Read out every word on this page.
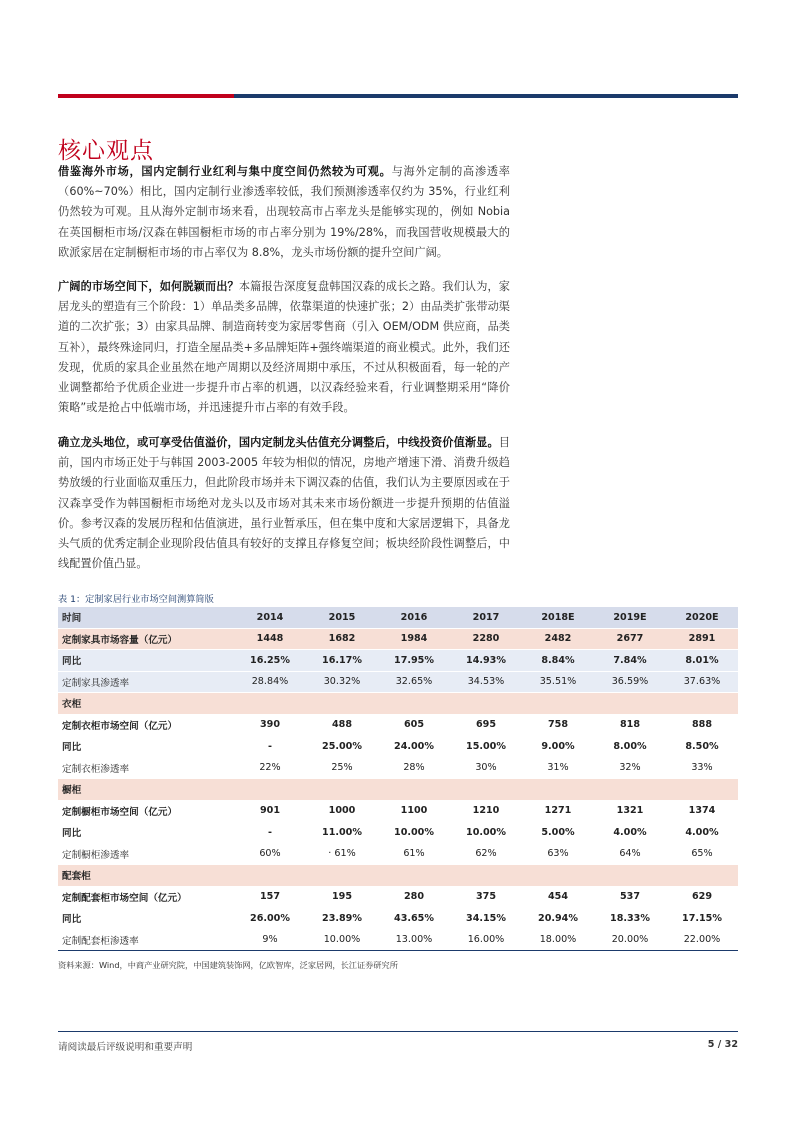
核心观点
借鉴海外市场，国内定制行业红利与集中度空间仍然较为可观。与海外定制的高渗透率（60%~70%）相比，国内定制行业渗透率较低，我们预测渗透率仅约为 35%，行业红利仍然较为可观。且从海外定制市场来看，出现较高市占率龙头是能够实现的，例如 Nobia 在英国橱柜市场/汉森在韩国橱柜市场的市占率分别为 19%/28%，而我国营收规模最大的欧派家居在定制橱柜市场的市占率仅为 8.8%，龙头市场份额的提升空间广阔。
广阔的市场空间下，如何脱颖而出？本篇报告深度复盘韩国汉森的成长之路。我们认为，家居龙头的塑造有三个阶段：1）单品类多品牌，依靠渠道的快速扩张；2）由品类扩张带动渠道的二次扩张；3）由家具品牌、制造商转变为家居零售商（引入 OEM/ODM 供应商，品类互补），最终殊途同归，打造全屋品类+多品牌矩阵+强终端渠道的商业模式。此外，我们还发现，优质的家具企业虽然在地产周期以及经济周期中承压，不过从积极面看，每一轮的产业调整都给予优质企业进一步提升市占率的机遇，以汉森经验来看，行业调整期采用“降价策略”或是抢占中低端市场，并迅速提升市占率的有效手段。
确立龙头地位，或可享受估值溢价，国内定制龙头估值充分调整后，中线投资价值渐显。目前，国内市场正处于与韩国 2003-2005 年较为相似的情况，房地产增速下滑、消费升级趋势放缓的行业面临双重压力，但此阶段市场并未下调汉森的估值，我们认为主要原因或在于汉森享受作为韩国橱柜市场绝对龙头以及市场对其未来市场份额进一步提升预期的估值溢价。参考汉森的发展历程和估值演进，虽行业暂承压，但在集中度和大家居逻辑下，具备龙头气质的优秀定制企业现阶段估值具有较好的支撑且存修复空间；板块经阶段性调整后，中线配置价值凸显。
表 1：定制家居行业市场空间测算简版
时间	2014	2015	2016	2017	2018E	2019E	2020E
定制家具市场容量（亿元）	1448	1682	1984	2280	2482	2677	2891
同比	16.25%	16.17%	17.95%	14.93%	8.84%	7.84%	8.01%
定制家具渗透率	28.84%	30.32%	32.65%	34.53%	35.51%	36.59%	37.63%
衣柜							
定制衣柜市场空间（亿元）	390	488	605	695	758	818	888
同比	-	25.00%	24.00%	15.00%	9.00%	8.00%	8.50%
定制衣柜渗透率	22%	25%	28%	30%	31%	32%	33%
橱柜							
定制橱柜市场空间（亿元）	901	1000	1100	1210	1271	1321	1374
同比	-	11.00%	10.00%	10.00%	5.00%	4.00%	4.00%
定制橱柜渗透率	60%	· 61%	61%	62%	63%	64%	65%
配套柜							
定制配套柜市场空间（亿元）	157	195	280	375	454	537	629
同比	26.00%	23.89%	43.65%	34.15%	20.94%	18.33%	17.15%
定制配套柜渗透率	9%	10.00%	13.00%	16.00%	18.00%	20.00%	22.00%
资料来源：Wind，中商产业研究院，中国建筑装饰网，亿欧智库，泛家居网，长江证券研究所
请阅读最后评级说明和重要声明	5 / 32
